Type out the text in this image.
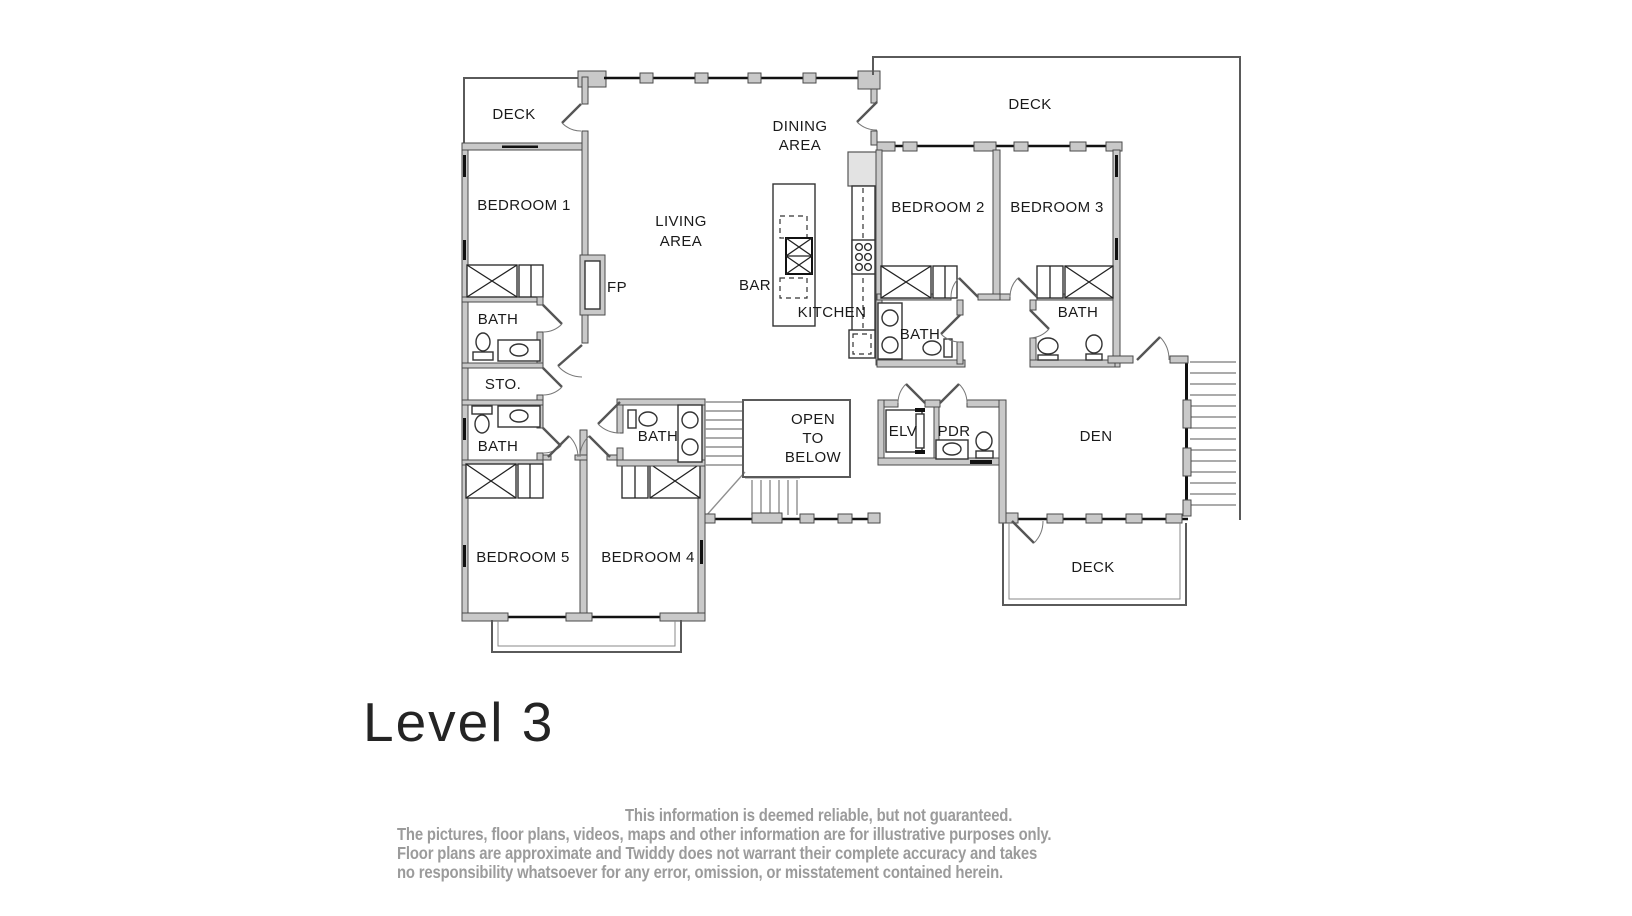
DECK
BEDROOM 1
LIVING
AREA
DINING
AREA
DECK
BEDROOM 2 BEDROOM 3
FP	BAR
KITCHEN
BATH
STO.
BATH
BATH
BATH
BATH
OPEN
TO
BELOW
ELV PDR	DEN
DECK
BEDROOM 5 BEDROOM 4
Level 3
This information is deemed reliable, but not guaranteed.
The pictures, floor plans, videos, maps and other information are for illustrative purposes only.
Floor plans are approximate and Twiddy does not warrant their complete accuracy and takes
no responsibility whatsoever for any error, omission, or misstatement contained herein.
